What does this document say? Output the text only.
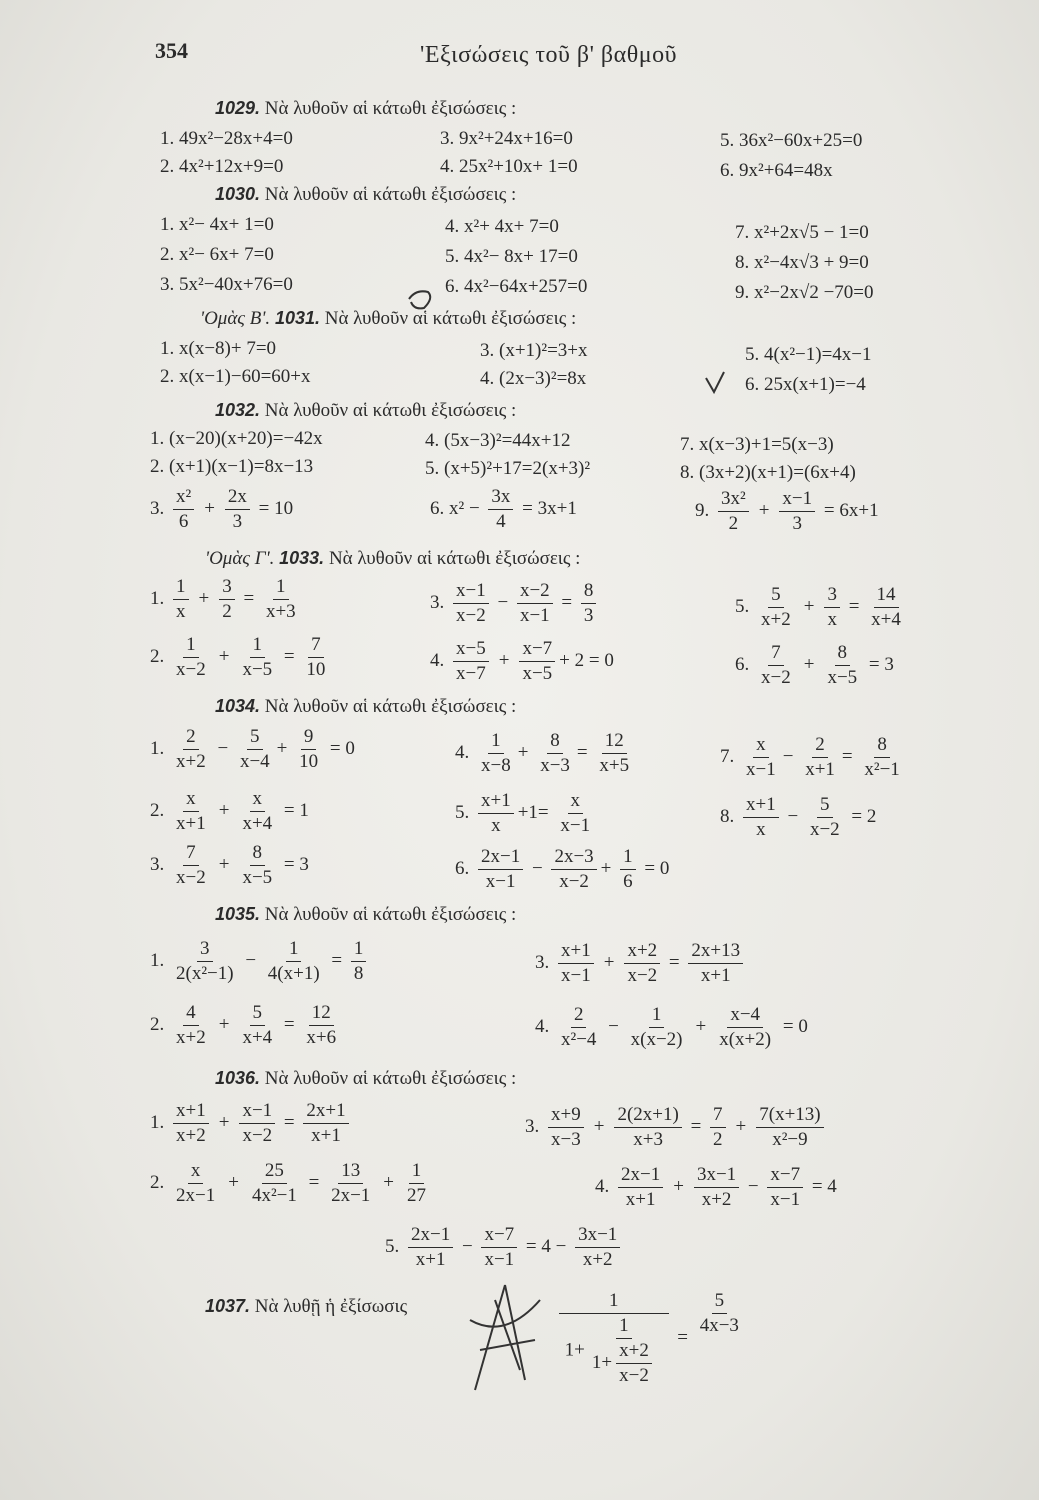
354	'Εξισώσεις τοῦ β' βαθμοῦ
1029. Νὰ λυθοῦν αἱ κάτωθι ἐξισώσεις :
1. 49x²−28x+4=0	3. 9x²+24x+16=0	5. 36x²−60x+25=0
2. 4x²+12x+9=0	4. 25x²+10x+ 1=0	6. 9x²+64=48x
1030. Νὰ λυθοῦν αἱ κάτωθι ἐξισώσεις :
1. x²− 4x+ 1=0	4. x²+ 4x+ 7=0	7. x²+2x√5 − 1=0
2. x²− 6x+ 7=0	5. 4x²− 8x+ 17=0	8. x²−4x√3 + 9=0
3. 5x²−40x+76=0	6. 4x²−64x+257=0	9. x²−2x√2 −70=0
'Ομὰς Β'. 1031. Νὰ λυθοῦν αἱ κάτωθι ἐξισώσεις :
1. x(x−8)+ 7=0	3. (x+1)²=3+x	5. 4(x²−1)=4x−1
2. x(x−1)−60=60+x	4. (2x−3)²=8x	6. 25x(x+1)=−4
1032. Νὰ λυθοῦν αἱ κάτωθι ἐξισώσεις :
1. (x−20)(x+20)=−42x	4. (5x−3)²=44x+12	7. x(x−3)+1=5(x−3)
2. (x+1)(x−1)=8x−13	5. (x+5)²+17=2(x+3)²	8. (3x+2)(x+1)=(6x+4)
3. $\frac{\text{x²}}{6} + \frac{2x}{3} = 10$	6. $x^2 - \frac{3x}{4} = 3x+1$	9. $\frac{\text{3x²}}{2} + \frac{x-1}{3} = 6x+1$
'Ομὰς Γ'. 1033. Νὰ λυθοῦν αἱ κάτωθι ἐξισώσεις :
1. $\frac{1}{x} + \frac{3}{2} = \frac{1}{x+3}$	3. $\frac{x-1}{x-2} - \frac{x-2}{x-1} = \frac{8}{3}$	5. $\frac{5}{x+2} + \frac{3}{x} = \frac{14}{x+4}$
2. $\frac{1}{x-2} + \frac{1}{x-5} = \frac{7}{10}$	4. $\frac{x-5}{x-7} + \frac{x-7}{x-5} + 2 = 0$	6. $\frac{7}{x-2} + \frac{8}{x-5} = 3$
1034. Νὰ λυθοῦν αἱ κάτωθι ἐξισώσεις :
1. $\frac{2}{x+2} - \frac{5}{x-4} + \frac{9}{10} = 0$	4. $\frac{1}{x-8} + \frac{8}{x-3} = \frac{12}{x+5}$	7. $\frac{x}{x-1} - \frac{2}{x+1} = \frac{8}{\text{x²−1}}$
2. $\frac{x}{x+1} + \frac{x}{x+4} = 1$	5. $\frac{x+1}{x} +1= \frac{x}{x-1}$	8. $\frac{x+1}{x} - \frac{5}{x-2} = 2$
3. $\frac{7}{x-2} + \frac{8}{x-5} = 3$	6. $\frac{2x-1}{x-1} - \frac{2x-3}{x-2} + \frac{1}{6} = 0$
1035. Νὰ λυθοῦν αἱ κάτωθι ἐξισώσεις :
1. $\frac{3}{\text{2(x²−1)}} - \frac{1}{4(x+1)} = \frac{1}{8}$	3. $\frac{x+1}{x-1} + \frac{x+2}{x-2} = \frac{2x+13}{x+1}$
2. $\frac{4}{x+2} + \frac{5}{x+4} = \frac{12}{x+6}$	4. $\frac{2}{\text{x²−4}} - \frac{1}{x(x-2)} + \frac{x-4}{x(x+2)} = 0$
1036. Νὰ λυθοῦν αἱ κάτωθι ἐξισώσεις :
1. $\frac{x+1}{x+2} + \frac{x-1}{x-2} = \frac{2x+1}{x+1}$	3. $\frac{x+9}{x-3} + \frac{2(2x+1)}{x+3} = \frac{7}{2} + \frac{7(x+13)}{\text{x²−9}}$
2. $\frac{x}{2x-1} + \frac{25}{\text{4x²−1}} = \frac{13}{2x-1} + \frac{1}{27}$	4. $\frac{2x-1}{x+1} + \frac{3x-1}{x+2} - \frac{x-7}{x-1} = 4$
5. $\frac{2x-1}{x+1} - \frac{x-7}{x-1} = 4 - \frac{3x-1}{x+2}$
1037. Νὰ λυθῇ ἡ ἐξίσωσις	$\frac{1}{1+ \frac{1}{1+ \frac{x+2}{x-2}}}$ =
$\frac{5}{4x-3}$
